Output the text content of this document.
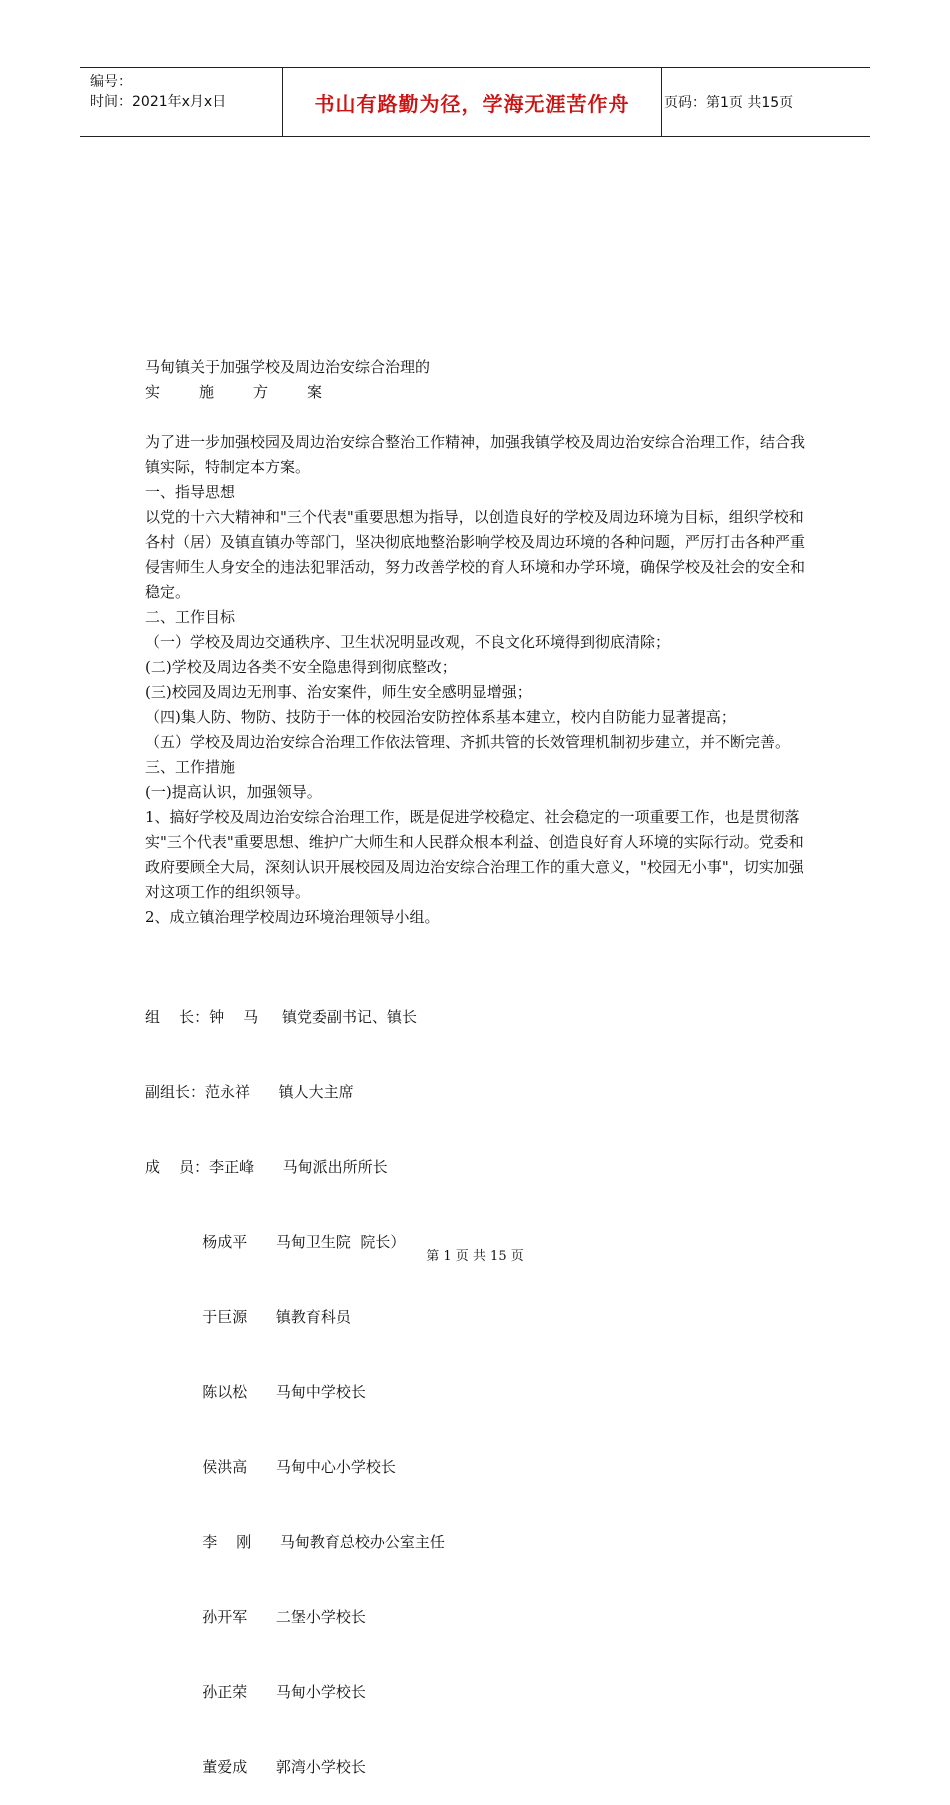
编号：
时间：2021年x月x日	书山有路勤为径，学海无涯苦作舟	页码：第1页 共15页

马甸镇关于加强学校及周边治安综合治理的

实	施	方	案

为了进一步加强校园及周边治安综合整治工作精神，加强我镇学校及周边治安综合治理工作，结合我镇实际，特制定本方案。

一、指导思想

以党的十六大精神和"三个代表"重要思想为指导，以创造良好的学校及周边环境为目标，组织学校和各村（居）及镇直镇办等部门，坚决彻底地整治影响学校及周边环境的各种问题，严厉打击各种严重侵害师生人身安全的违法犯罪活动，努力改善学校的育人环境和办学环境，确保学校及社会的安全和稳定。

二、工作目标

（一）学校及周边交通秩序、卫生状况明显改观，不良文化环境得到彻底清除；

(二)学校及周边各类不安全隐患得到彻底整改；

(三)校园及周边无刑事、治安案件，师生安全感明显增强；

（四)集人防、物防、技防于一体的校园治安防控体系基本建立，校内自防能力显著提高；

（五）学校及周边治安综合治理工作依法管理、齐抓共管的长效管理机制初步建立，并不断完善。

三、工作措施

(一)提高认识，加强领导。

1、搞好学校及周边治安综合治理工作，既是促进学校稳定、社会稳定的一项重要工作，也是贯彻落实"三个代表"重要思想、维护广大师生和人民群众根本利益、创造良好育人环境的实际行动。党委和政府要顾全大局，深刻认识开展校园及周边治安综合治理工作的重大意义，"校园无小事"，切实加强对这项工作的组织领导。

2、成立镇治理学校周边环境治理领导小组。

组    长：钟    马     镇党委副书记、镇长

副组长：范永祥      镇人大主席

成    员：李正峰      马甸派出所所长

杨成平      马甸卫生院  院长）

于巨源      镇教育科员

陈以松      马甸中学校长

侯洪高      马甸中心小学校长

李    刚      马甸教育总校办公室主任

孙开军      二堡小学校长

孙正荣      马甸小学校长

董爱成      郭湾小学校长

第 1 页 共 15 页
